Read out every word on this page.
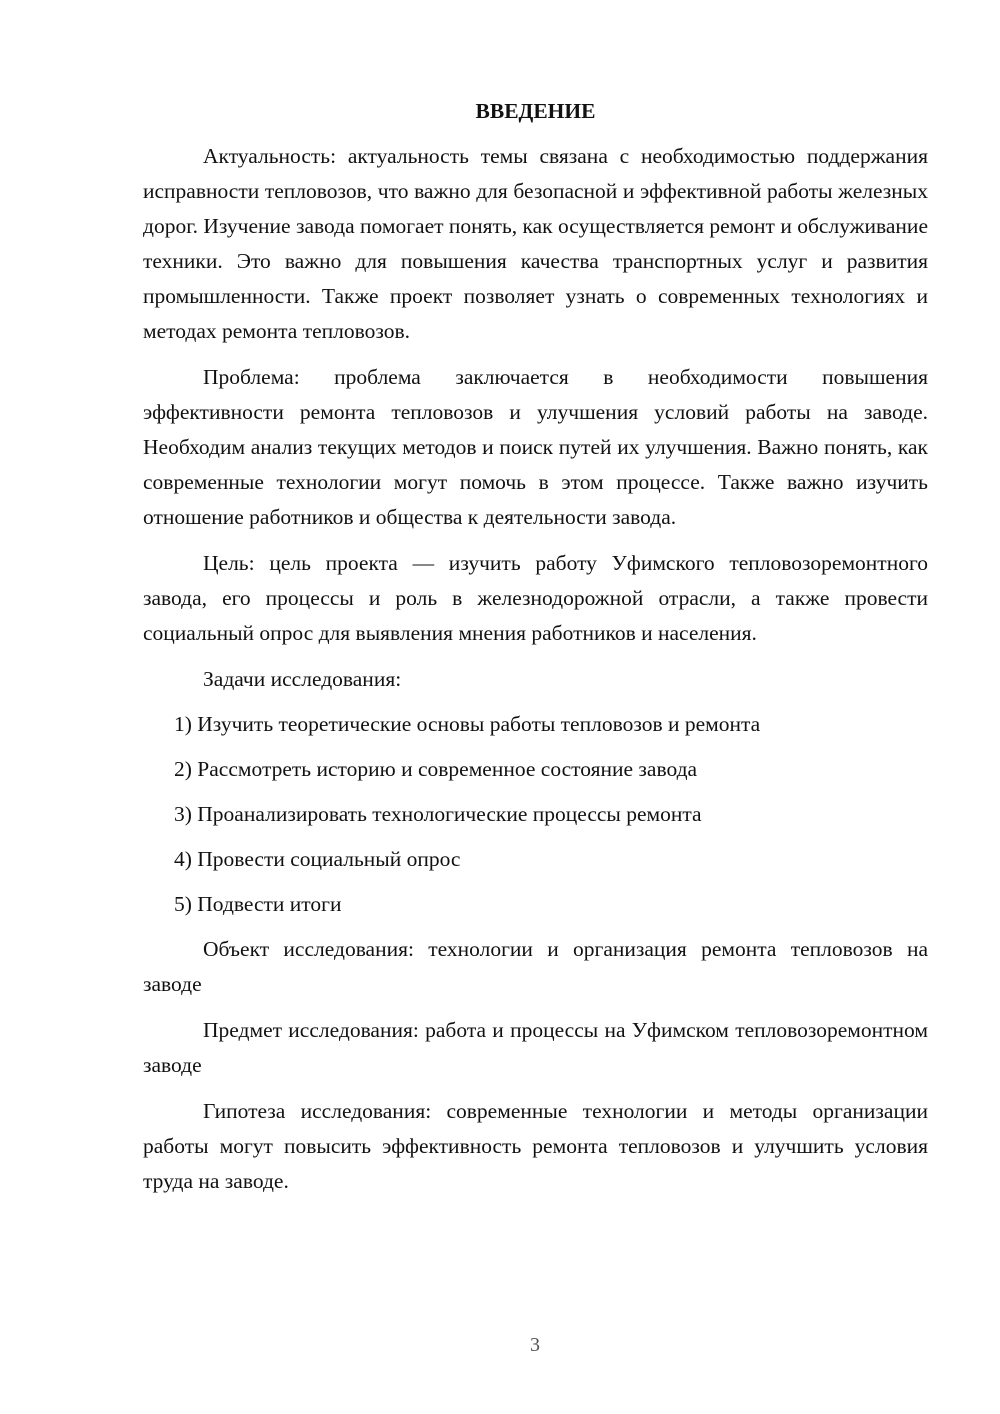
ВВЕДЕНИЕ

Актуальность: актуальность темы связана с необходимостью поддержания исправности тепловозов, что важно для безопасной и эффективной работы железных дорог. Изучение завода помогает понять, как осуществляется ремонт и обслуживание техники. Это важно для повышения качества транспортных услуг и развития промышленности. Также проект позволяет узнать о современных технологиях и методах ремонта тепловозов.

Проблема: проблема заключается в необходимости повышения эффективности ремонта тепловозов и улучшения условий работы на заводе. Необходим анализ текущих методов и поиск путей их улучшения. Важно понять, как современные технологии могут помочь в этом процессе. Также важно изучить отношение работников и общества к деятельности завода.

Цель: цель проекта — изучить работу Уфимского тепловозоремонтного завода, его процессы и роль в железнодорожной отрасли, а также провести социальный опрос для выявления мнения работников и населения.

Задачи исследования:

1) Изучить теоретические основы работы тепловозов и ремонта
2) Рассмотреть историю и современное состояние завода
3) Проанализировать технологические процессы ремонта
4) Провести социальный опрос
5) Подвести итоги

Объект исследования: технологии и организация ремонта тепловозов на заводе

Предмет исследования: работа и процессы на Уфимском тепловозоремонтном заводе

Гипотеза исследования: современные технологии и методы организации работы могут повысить эффективность ремонта тепловозов и улучшить условия труда на заводе.

3
